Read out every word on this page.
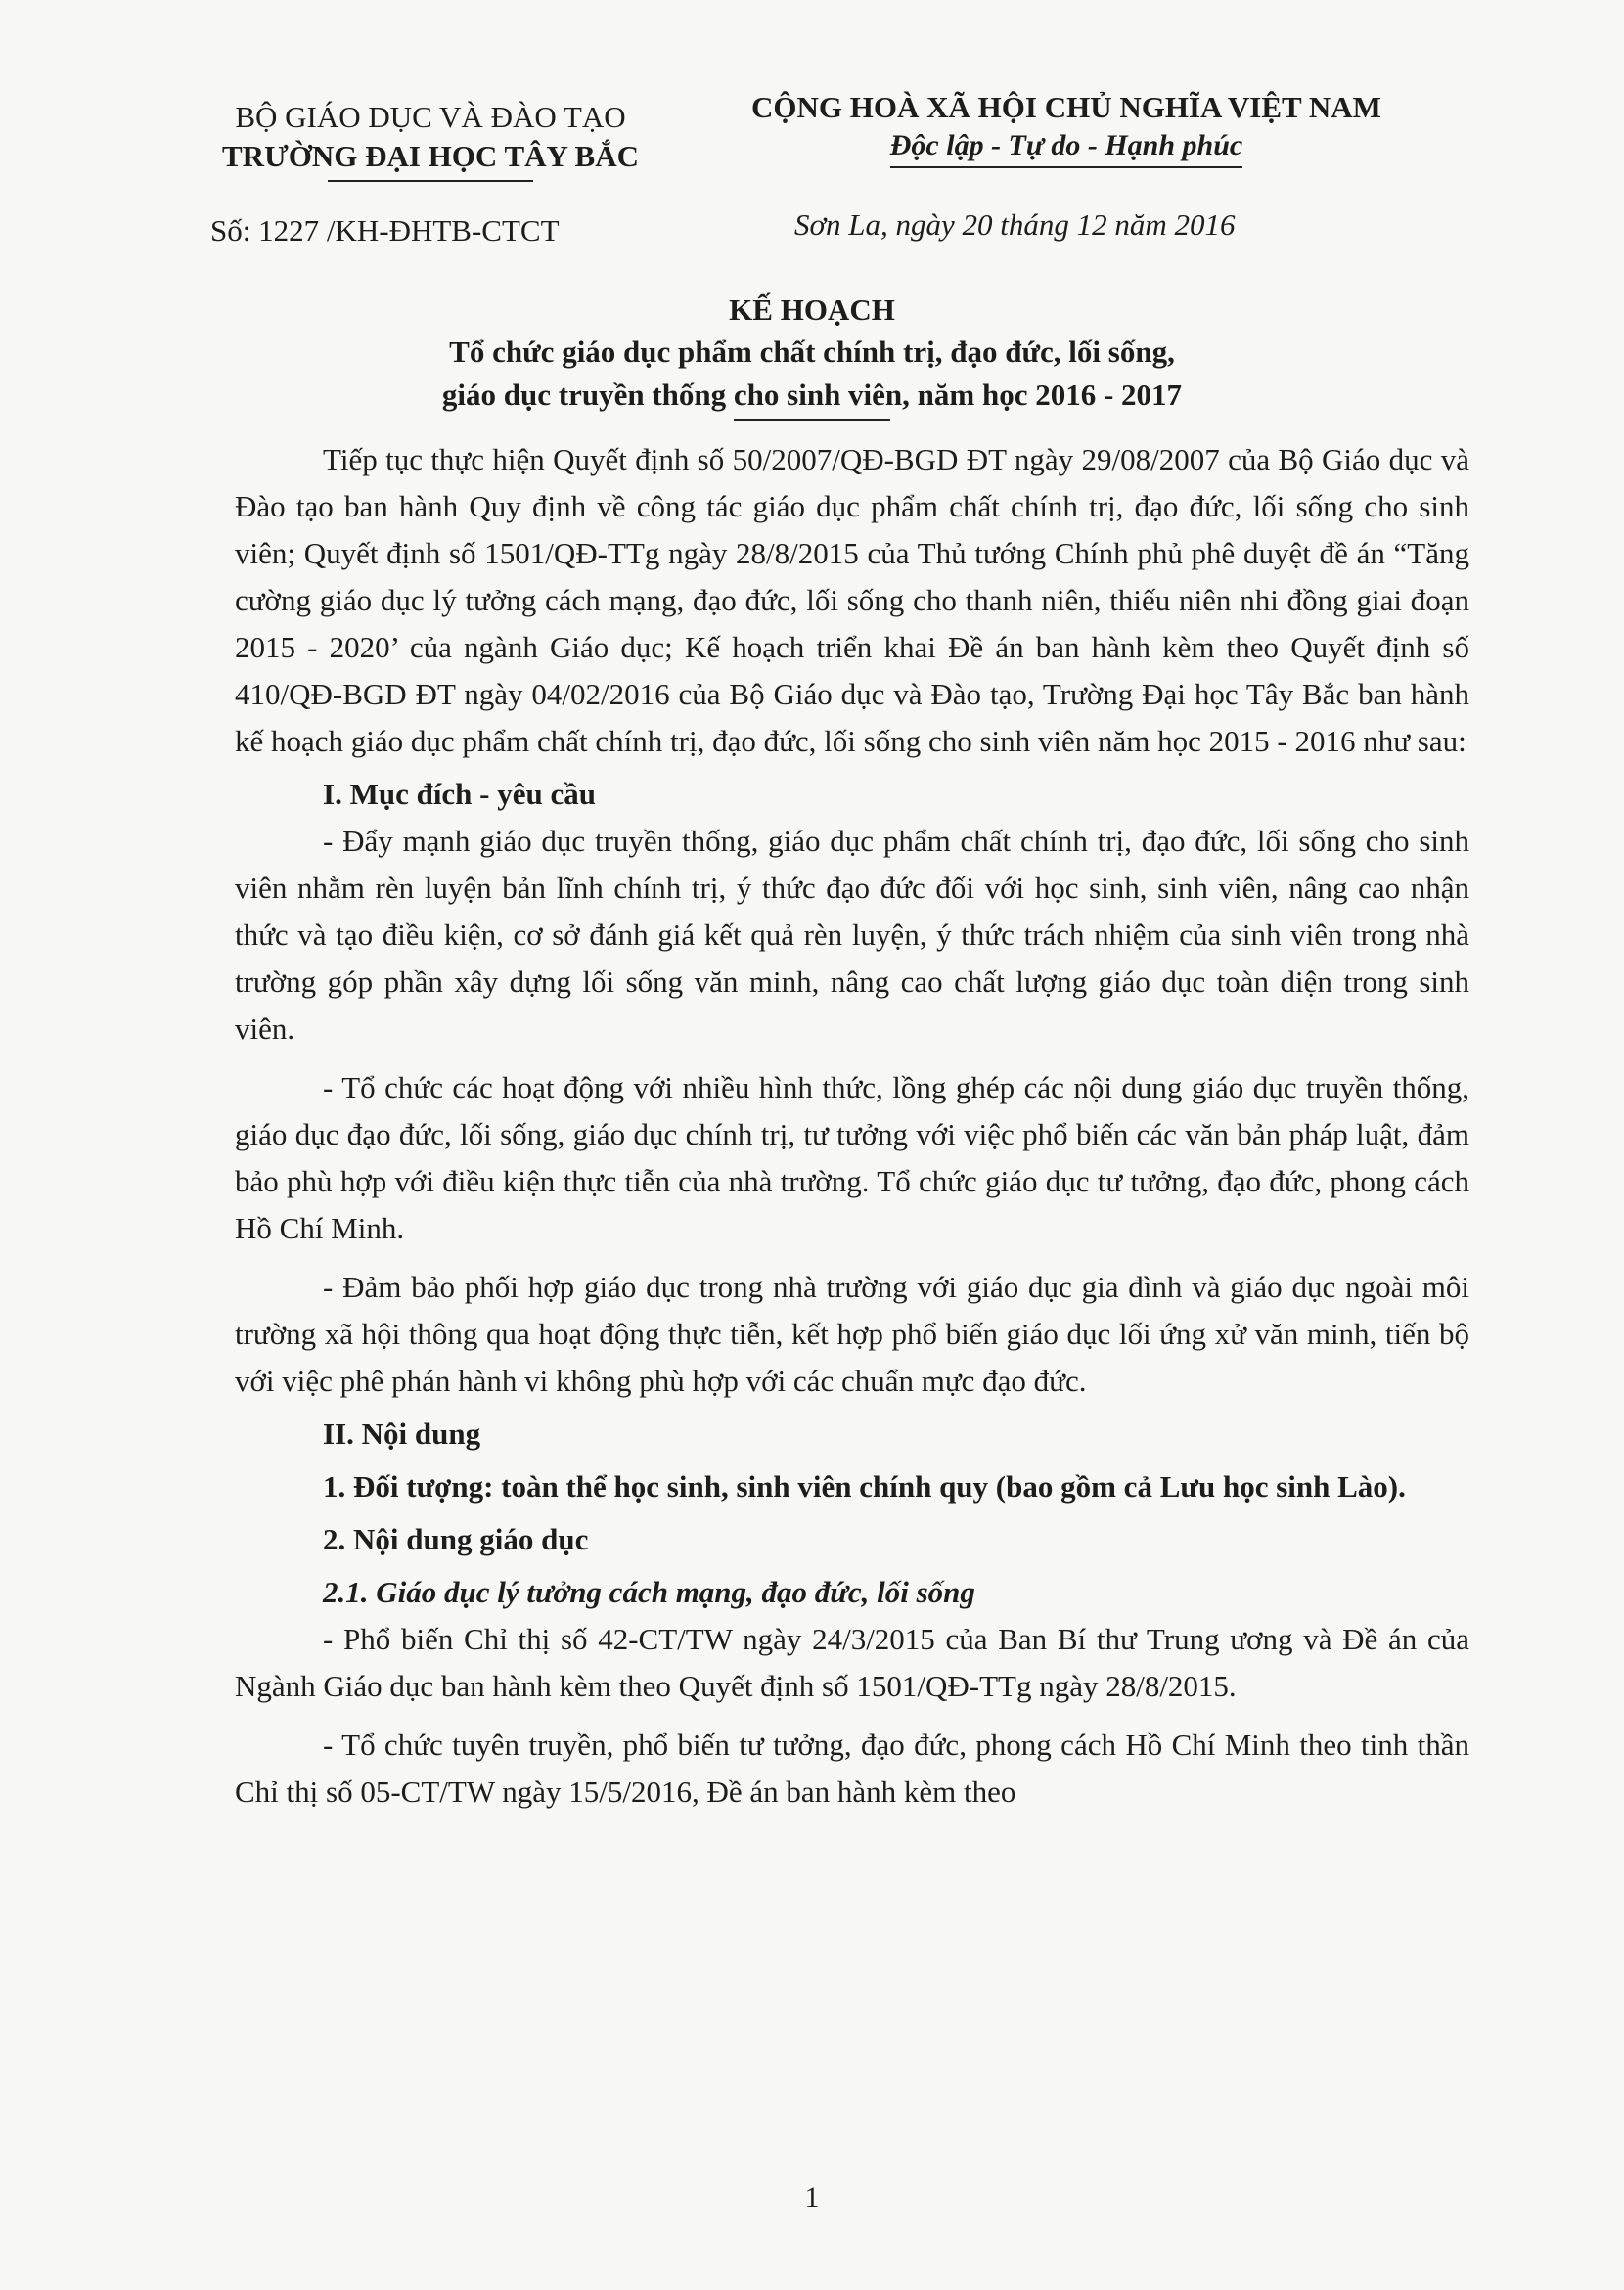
BỘ GIÁO DỤC VÀ ĐÀO TẠO
TRƯỜNG ĐẠI HỌC TÂY BẮC
CỘNG HOÀ XÃ HỘI CHỦ NGHĨA VIỆT NAM
Độc lập - Tự do - Hạnh phúc
Số: 1227 /KH-ĐHTB-CTCT	Sơn La, ngày 20 tháng 12 năm 2016
KẾ HOẠCH
Tổ chức giáo dục phẩm chất chính trị, đạo đức, lối sống,
giáo dục truyền thống cho sinh viên, năm học 2016 - 2017

Tiếp tục thực hiện Quyết định số 50/2007/QĐ-BGD ĐT ngày 29/08/2007 của Bộ Giáo dục và Đào tạo ban hành Quy định về công tác giáo dục phẩm chất chính trị, đạo đức, lối sống cho sinh viên; Quyết định số 1501/QĐ-TTg ngày 28/8/2015 của Thủ tướng Chính phủ phê duyệt đề án “Tăng cường giáo dục lý tưởng cách mạng, đạo đức, lối sống cho thanh niên, thiếu niên nhi đồng giai đoạn 2015 - 2020’ của ngành Giáo dục; Kế hoạch triển khai Đề án ban hành kèm theo Quyết định số 410/QĐ-BGD ĐT ngày 04/02/2016 của Bộ Giáo dục và Đào tạo, Trường Đại học Tây Bắc ban hành kế hoạch giáo dục phẩm chất chính trị, đạo đức, lối sống cho sinh viên năm học 2015 - 2016 như sau:

I. Mục đích - yêu cầu

- Đẩy mạnh giáo dục truyền thống, giáo dục phẩm chất chính trị, đạo đức, lối sống cho sinh viên nhằm rèn luyện bản lĩnh chính trị, ý thức đạo đức đối với học sinh, sinh viên, nâng cao nhận thức và tạo điều kiện, cơ sở đánh giá kết quả rèn luyện, ý thức trách nhiệm của sinh viên trong nhà trường góp phần xây dựng lối sống văn minh, nâng cao chất lượng giáo dục toàn diện trong sinh viên.

- Tổ chức các hoạt động với nhiều hình thức, lồng ghép các nội dung giáo dục truyền thống, giáo dục đạo đức, lối sống, giáo dục chính trị, tư tưởng với việc phổ biến các văn bản pháp luật, đảm bảo phù hợp với điều kiện thực tiễn của nhà trường. Tổ chức giáo dục tư tưởng, đạo đức, phong cách Hồ Chí Minh.

- Đảm bảo phối hợp giáo dục trong nhà trường với giáo dục gia đình và giáo dục ngoài môi trường xã hội thông qua hoạt động thực tiễn, kết hợp phổ biến giáo dục lối ứng xử văn minh, tiến bộ với việc phê phán hành vi không phù hợp với các chuẩn mực đạo đức.

II. Nội dung
1. Đối tượng: toàn thể học sinh, sinh viên chính quy (bao gồm cả Lưu học sinh Lào).
2. Nội dung giáo dục
2.1. Giáo dục lý tưởng cách mạng, đạo đức, lối sống

- Phổ biến Chỉ thị số 42-CT/TW ngày 24/3/2015 của Ban Bí thư Trung ương và Đề án của Ngành Giáo dục ban hành kèm theo Quyết định số 1501/QĐ-TTg ngày 28/8/2015.

- Tổ chức tuyên truyền, phổ biến tư tưởng, đạo đức, phong cách Hồ Chí Minh theo tinh thần Chỉ thị số 05-CT/TW ngày 15/5/2016, Đề án ban hành kèm theo

1
